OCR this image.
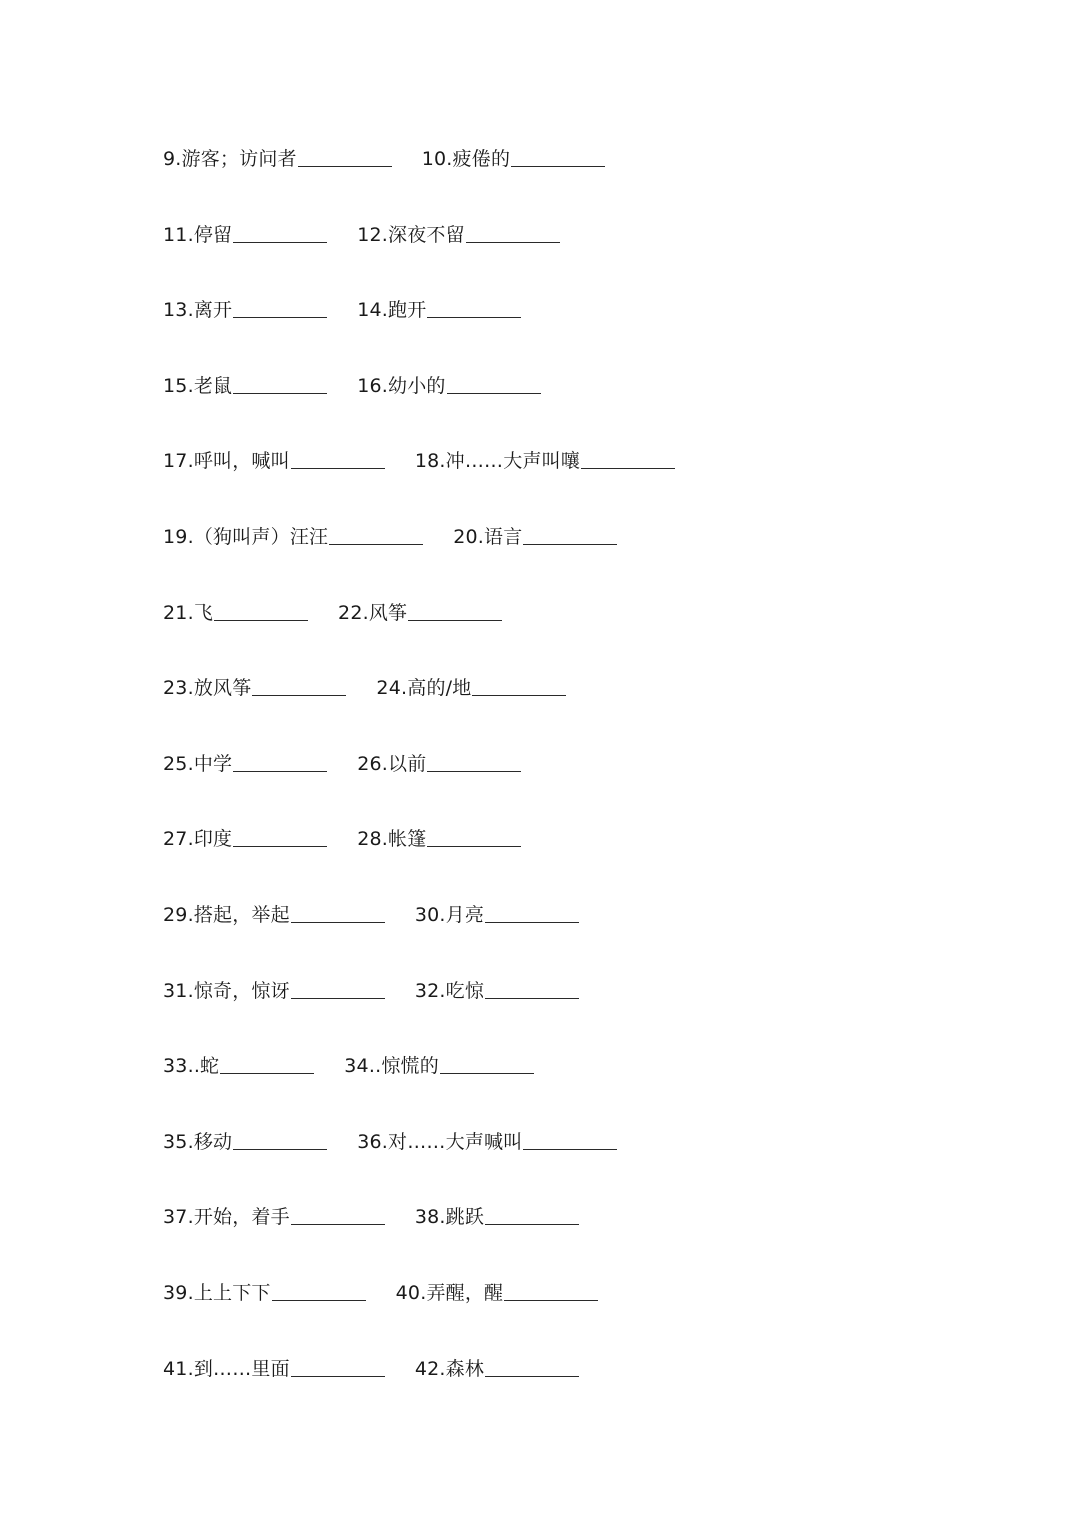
9.游客；访问者	10.疲倦的
11.停留	12.深夜不留
13.离开	14.跑开
15.老鼠	16.幼小的
17.呼叫，喊叫	18.冲……大声叫嚷
19.（狗叫声）汪汪	20.语言
21.飞	22.风筝
23.放风筝	24.高的/地
25.中学	26.以前
27.印度	28.帐篷
29.搭起，举起	30.月亮
31.惊奇，惊讶	32.吃惊
33..蛇	34..惊慌的
35.移动	36.对……大声喊叫
37.开始，着手	38.跳跃
39.上上下下	40.弄醒，醒
41.到……里面	42.森林
